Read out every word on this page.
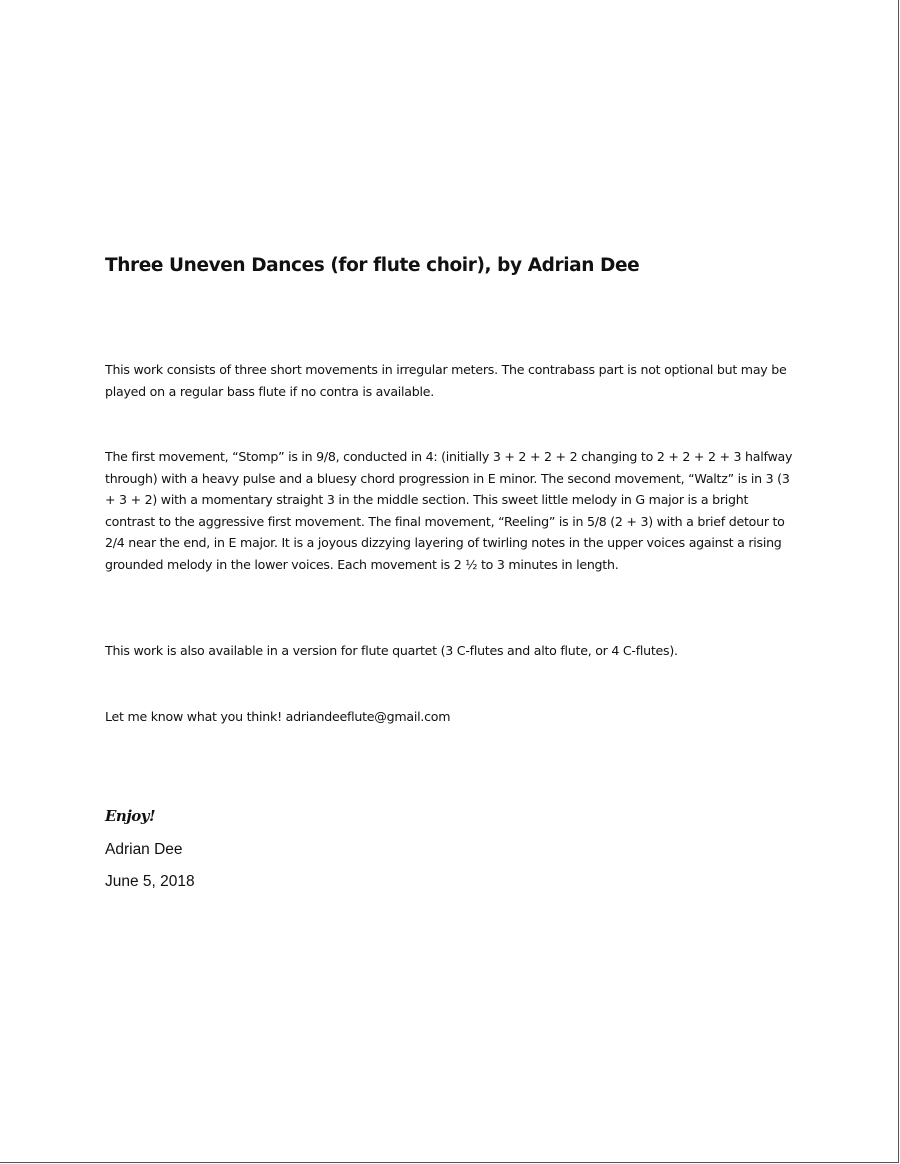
Three Uneven Dances (for flute choir), by Adrian Dee

This work consists of three short movements in irregular meters. The contrabass part is not optional but may be played on a regular bass flute if no contra is available.

The first movement, “Stomp” is in 9/8, conducted in 4: (initially 3 + 2 + 2 + 2 changing to 2 + 2 + 2 + 3 halfway through) with a heavy pulse and a bluesy chord progression in E minor. The second movement, “Waltz” is in 3 (3 + 3 + 2) with a momentary straight 3 in the middle section. This sweet little melody in G major is a bright contrast to the aggressive first movement. The final movement, “Reeling” is in 5/8 (2 + 3) with a brief detour to 2/4 near the end, in E major. It is a joyous dizzying layering of twirling notes in the upper voices against a rising grounded melody in the lower voices. Each movement is 2 ½ to 3 minutes in length.

This work is also available in a version for flute quartet (3 C-flutes and alto flute, or 4 C-flutes).

Let me know what you think! adriandeeflute@gmail.com

Enjoy!

Adrian Dee

June 5, 2018
